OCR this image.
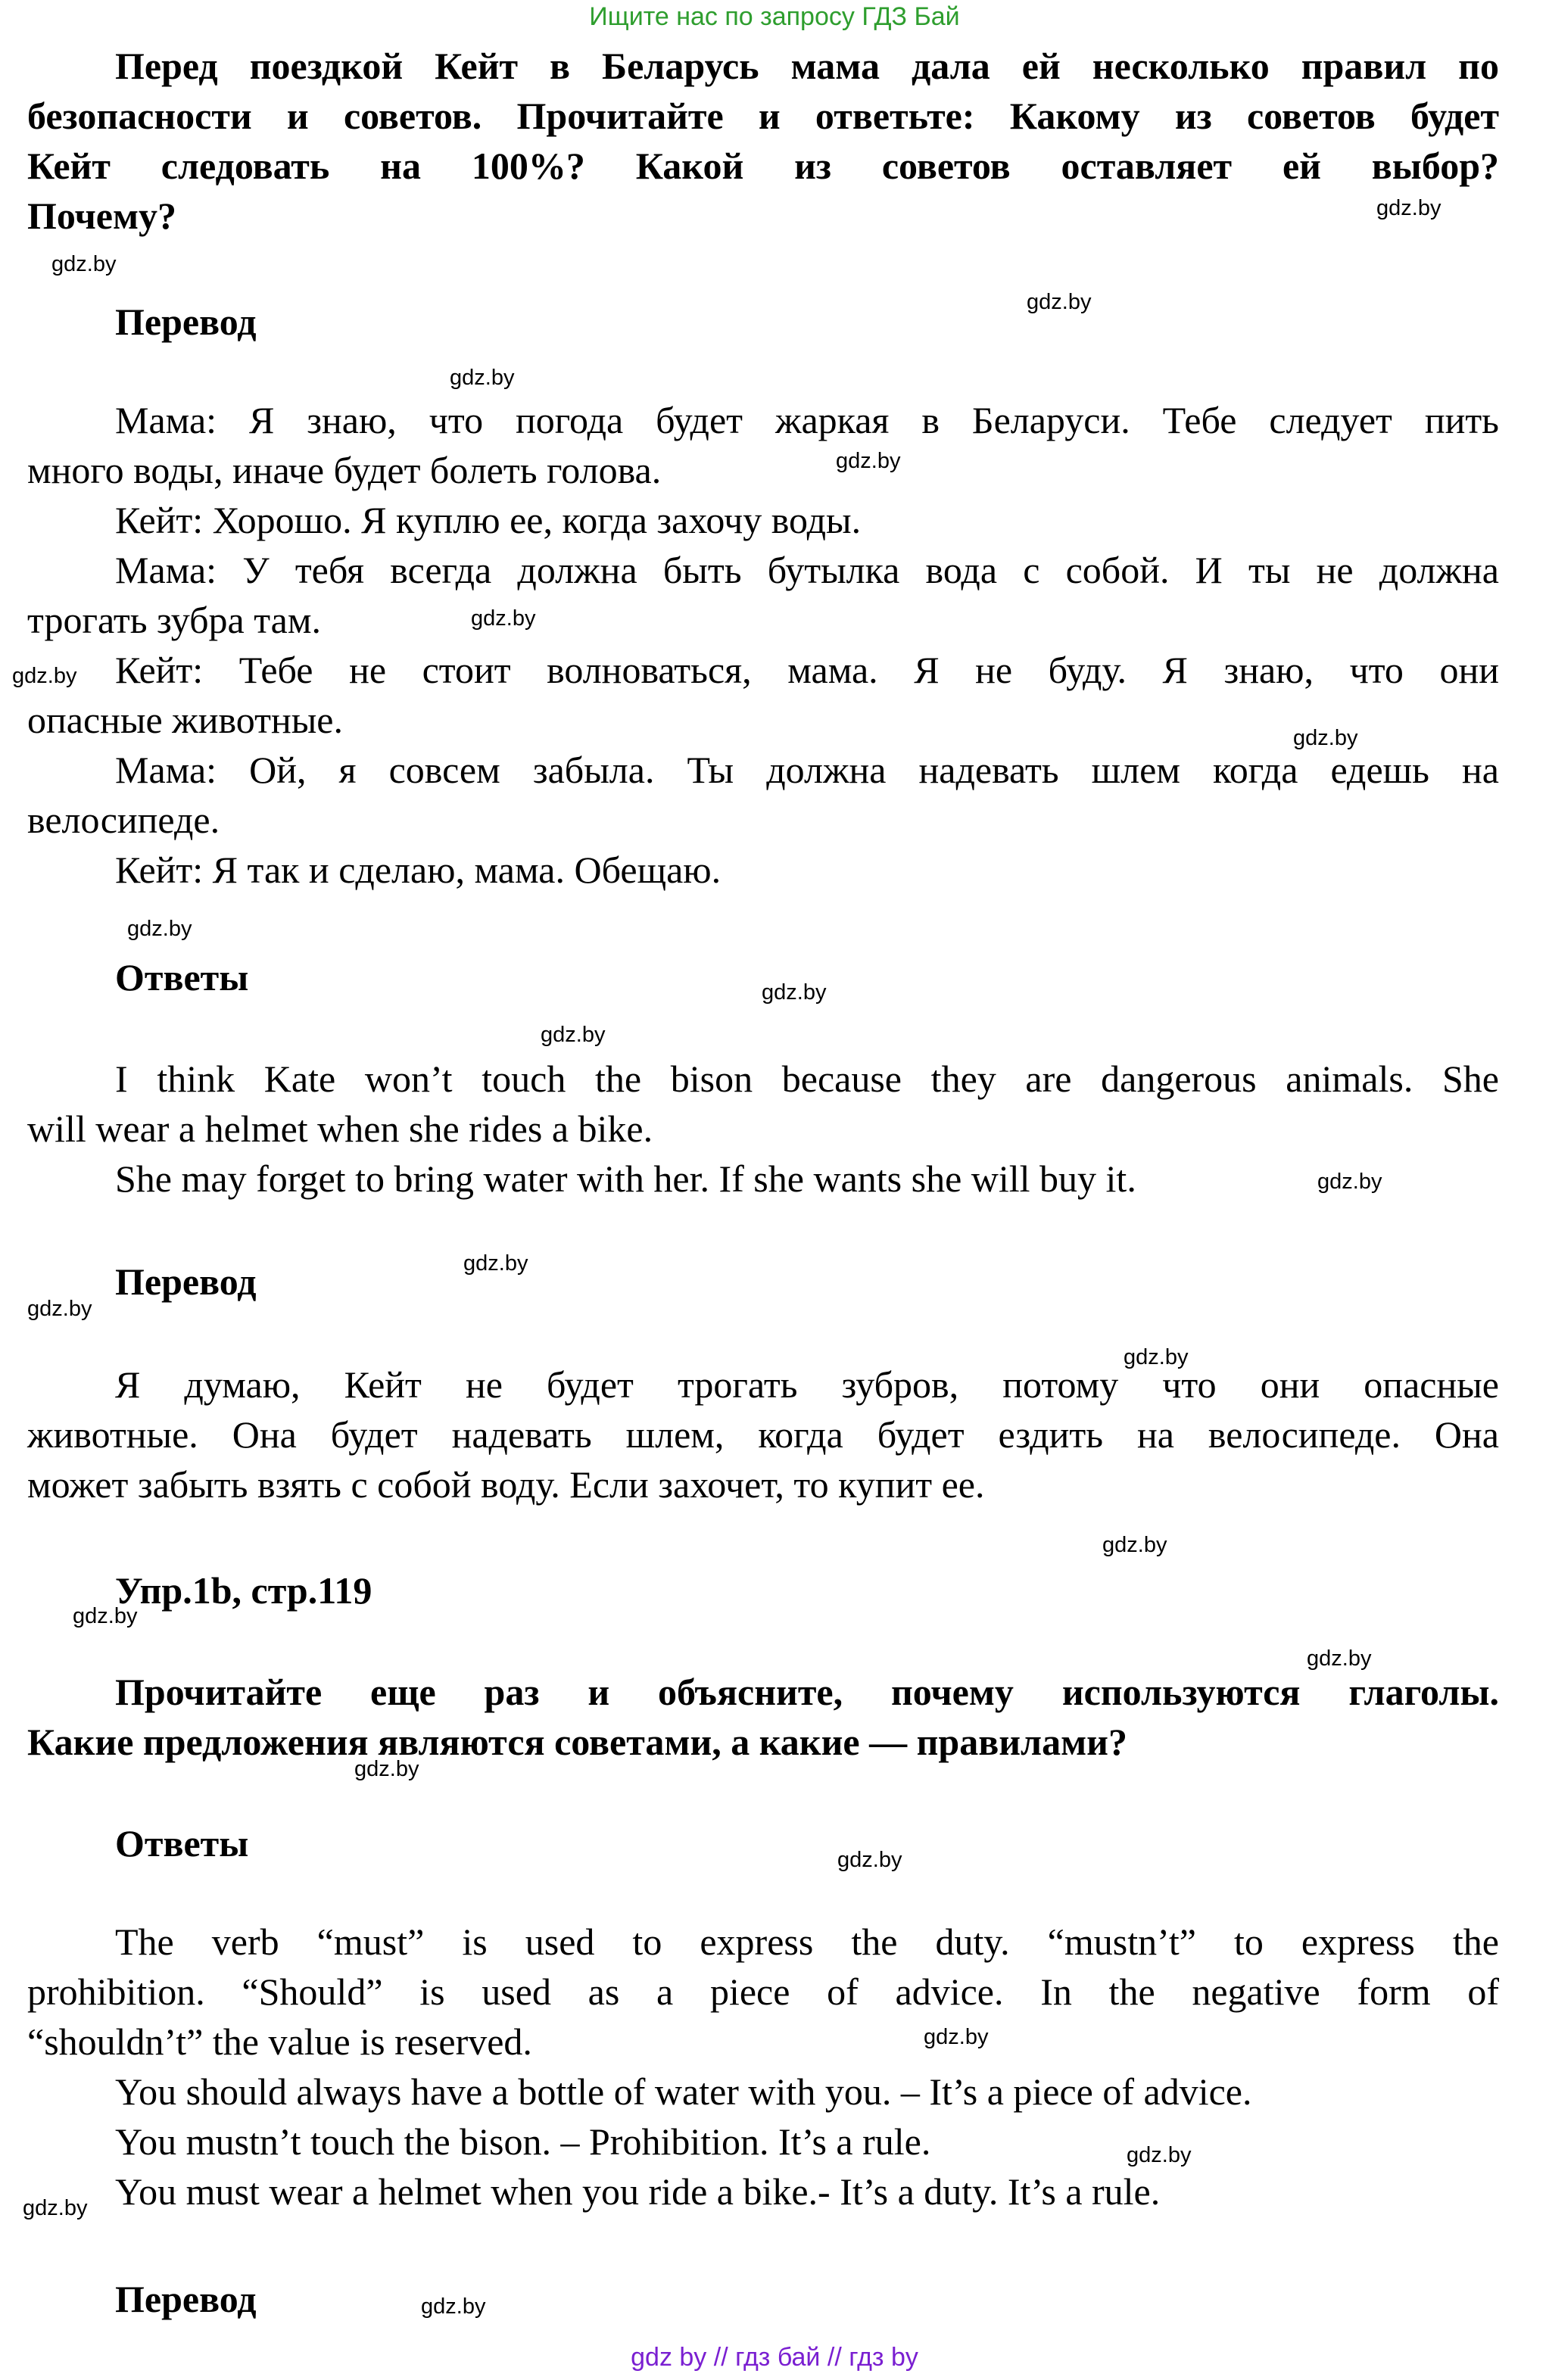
Ищите нас по запросу ГДЗ Бай
Перед поездкой Кейт в Беларусь мама дала ей несколько правил по
безопасности и советов. Прочитайте и ответьте: Какому из советов будет
Кейт следовать на 100%? Какой из советов оставляет ей выбор?
Почему?
Перевод
Мама: Я знаю, что погода будет жаркая в Беларуси. Тебе следует пить
много воды, иначе будет болеть голова.
Кейт: Хорошо. Я куплю ее, когда захочу воды.
Мама: У тебя всегда должна быть бутылка вода с собой. И ты не должна
трогать зубра там.
Кейт: Тебе не стоит волноваться, мама. Я не буду. Я знаю, что они
опасные животные.
Мама: Ой, я совсем забыла. Ты должна надевать шлем когда едешь на
велосипеде.
Кейт: Я так и сделаю, мама. Обещаю.
Ответы
I think Kate won’t touch the bison because they are dangerous animals. She
will wear a helmet when she rides a bike.
She may forget to bring water with her. If she wants she will buy it.
Перевод
Я думаю, Кейт не будет трогать зубров, потому что они опасные
животные. Она будет надевать шлем, когда будет ездить на велосипеде. Она
может забыть взять с собой воду. Если захочет, то купит ее.
Упр.1b, стр.119
Прочитайте еще раз и объясните, почему используются глаголы.
Какие предложения являются советами, а какие — правилами?
Ответы
The verb “must” is used to express the duty. “mustn’t” to express the
prohibition. “Should” is used as a piece of advice. In the negative form of
“shouldn’t” the value is reserved.
You should always have a bottle of water with you. – It’s a piece of advice.
You mustn’t touch the bison. – Prohibition. It’s a rule.
You must wear a helmet when you ride a bike.- It’s a duty. It’s a rule.
Перевод
gdz.by
gdz.by
gdz.by
gdz.by
gdz.by
gdz.by
gdz.by
gdz.by
gdz.by
gdz.by
gdz.by
gdz.by
gdz.by
gdz.by
gdz.by
gdz.by
gdz.by
gdz.by
gdz.by
gdz.by
gdz.by
gdz.by
gdz.by
gdz.by
gdz by // гдз бай // гдз by
